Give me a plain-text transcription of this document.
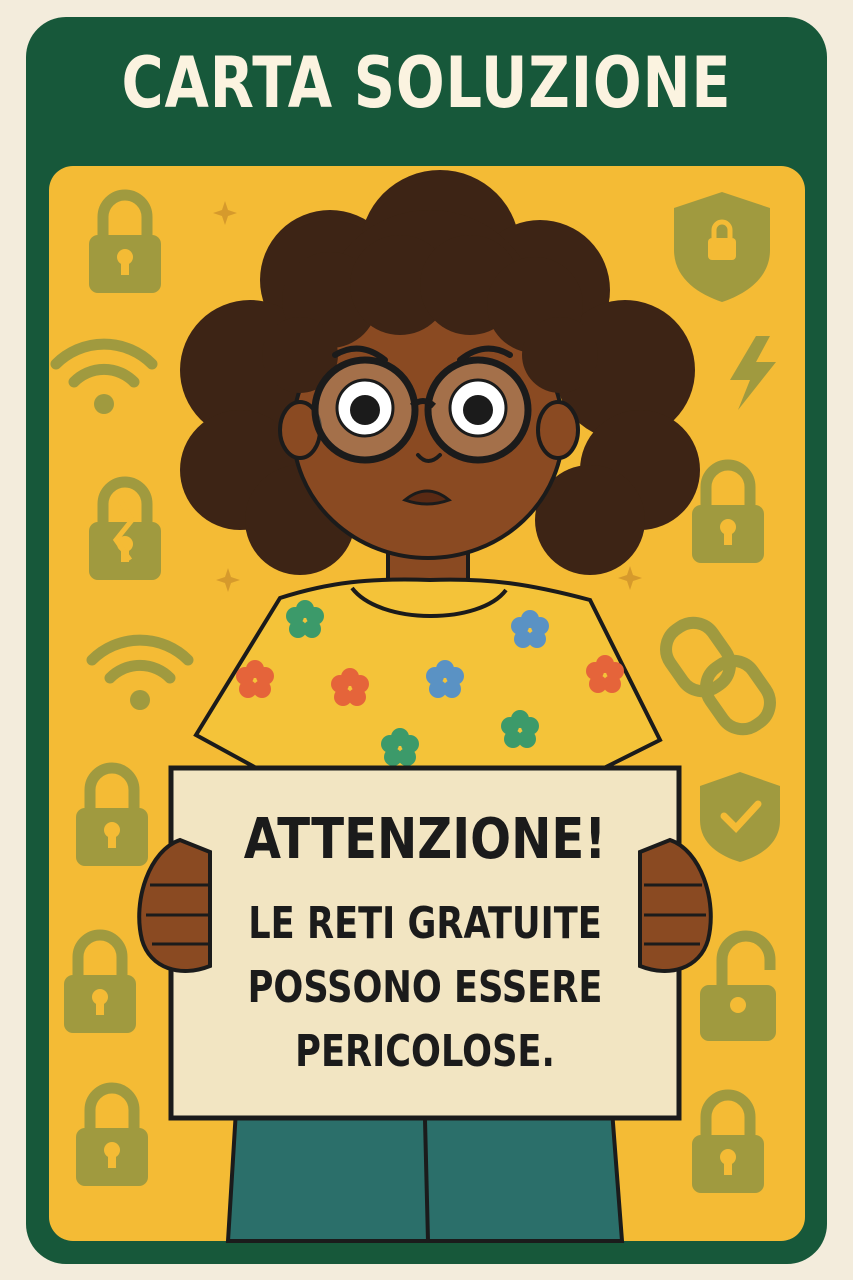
CARTA SOLUZIONE
ATTENZIONE!
LE RETI GRATUITE
POSSONO ESSERE
PERICOLOSE.
